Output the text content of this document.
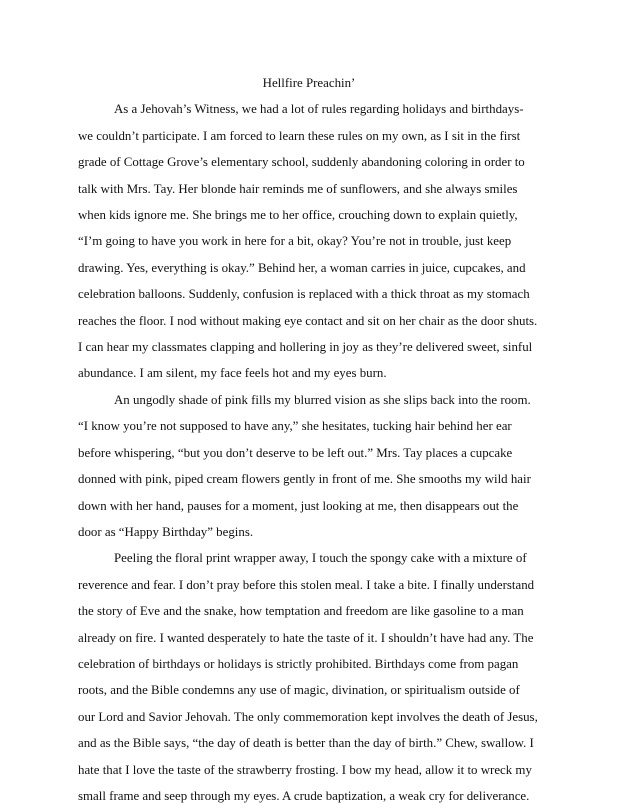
Hellfire Preachin’

As a Jehovah’s Witness, we had a lot of rules regarding holidays and birthdays- we couldn’t participate. I am forced to learn these rules on my own, as I sit in the first grade of Cottage Grove’s elementary school, suddenly abandoning coloring in order to talk with Mrs. Tay. Her blonde hair reminds me of sunflowers, and she always smiles when kids ignore me. She brings me to her office, crouching down to explain quietly, “I’m going to have you work in here for a bit, okay? You’re not in trouble, just keep drawing. Yes, everything is okay.” Behind her, a woman carries in juice, cupcakes, and celebration balloons. Suddenly, confusion is replaced with a thick throat as my stomach reaches the floor. I nod without making eye contact and sit on her chair as the door shuts. I can hear my classmates clapping and hollering in joy as they’re delivered sweet, sinful abundance. I am silent, my face feels hot and my eyes burn.

An ungodly shade of pink fills my blurred vision as she slips back into the room. “I know you’re not supposed to have any,” she hesitates, tucking hair behind her ear before whispering, “but you don’t deserve to be left out.” Mrs. Tay places a cupcake donned with pink, piped cream flowers gently in front of me. She smooths my wild hair down with her hand, pauses for a moment, just looking at me, then disappears out the door as “Happy Birthday” begins.

Peeling the floral print wrapper away, I touch the spongy cake with a mixture of reverence and fear. I don’t pray before this stolen meal. I take a bite. I finally understand the story of Eve and the snake, how temptation and freedom are like gasoline to a man already on fire. I wanted desperately to hate the taste of it. I shouldn’t have had any. The celebration of birthdays or holidays is strictly prohibited. Birthdays come from pagan roots, and the Bible condemns any use of magic, divination, or spiritualism outside of our Lord and Savior Jehovah. The only commemoration kept involves the death of Jesus, and as the Bible says, “the day of death is better than the day of birth.” Chew, swallow. I hate that I love the taste of the strawberry frosting. I bow my head, allow it to wreck my small frame and seep through my eyes. A crude baptization, a weak cry for deliverance.
